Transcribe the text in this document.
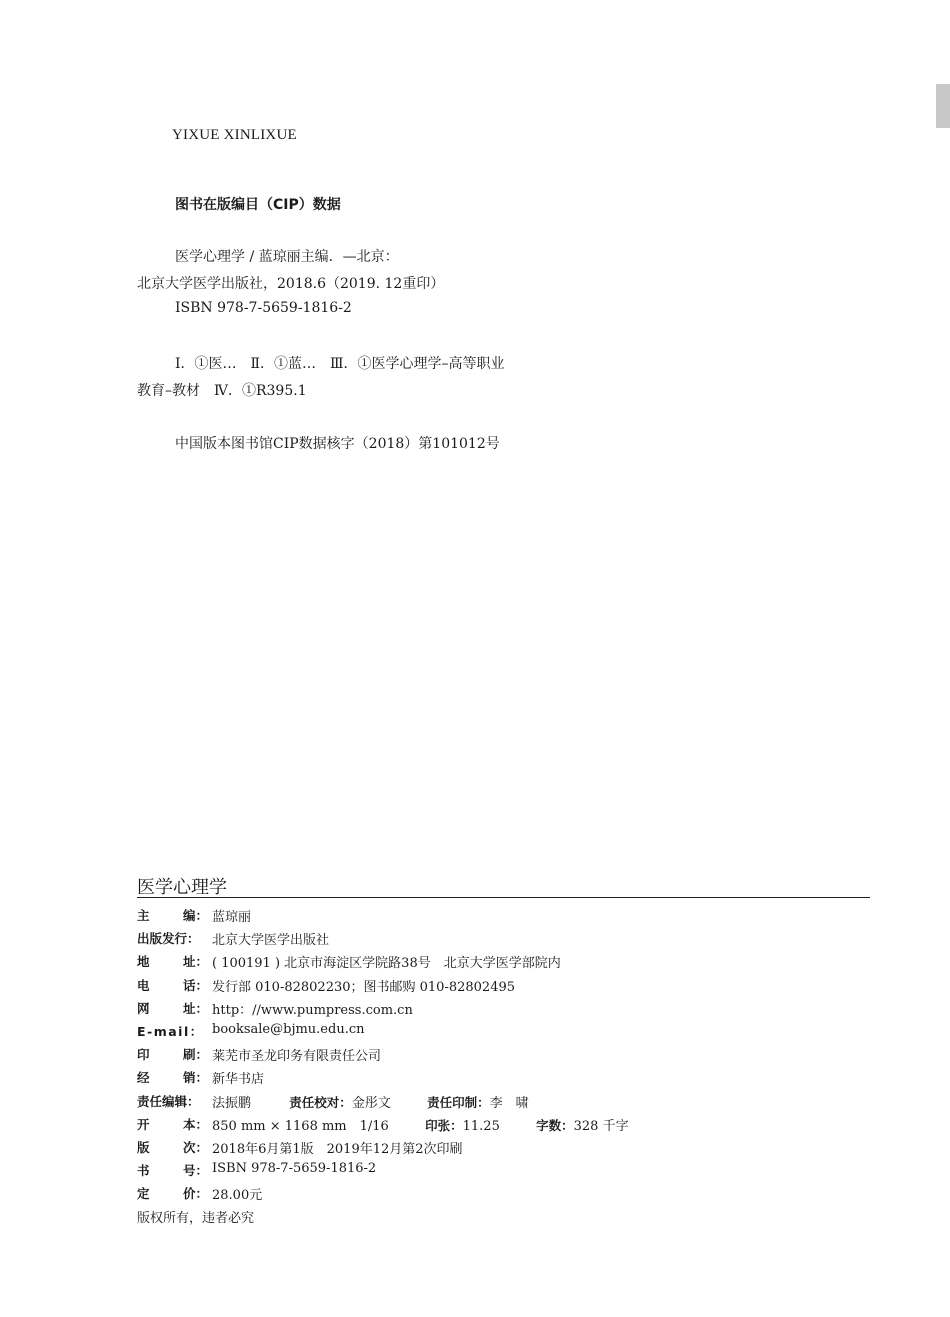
YIXUE XINLIXUE
图书在版编目（CIP）数据
医学心理学 / 蓝琼丽主编．—北京：
北京大学医学出版社，2018.6（2019. 12重印）
ISBN 978-7-5659-1816-2
Ⅰ．①医…　Ⅱ．①蓝…　Ⅲ．①医学心理学–高等职业
教育–教材　Ⅳ．①R395.1
中国版本图书馆CIP数据核字（2018）第101012号
医学心理学
主	编： 蓝琼丽
出版发行： 北京大学医学出版社
地	址： ( 100191 ) 北京市海淀区学院路38号　北京大学医学部院内
电	话： 发行部 010-82802230；图书邮购 010-82802495
网	址： http：//www.pumpress.com.cn
E-mail： booksale@bjmu.edu.cn
印	刷： 莱芜市圣龙印务有限责任公司
经	销： 新华书店
责任编辑： 法振鹏	责任校对：金彤文	责任印制：李　啸
开	本： 850 mm × 1168 mm　1/16	印张：11.25	字数：328 千字
版	次： 2018年6月第1版　2019年12月第2次印刷
书	号： ISBN 978-7-5659-1816-2
定	价： 28.00元
版权所有，违者必究
